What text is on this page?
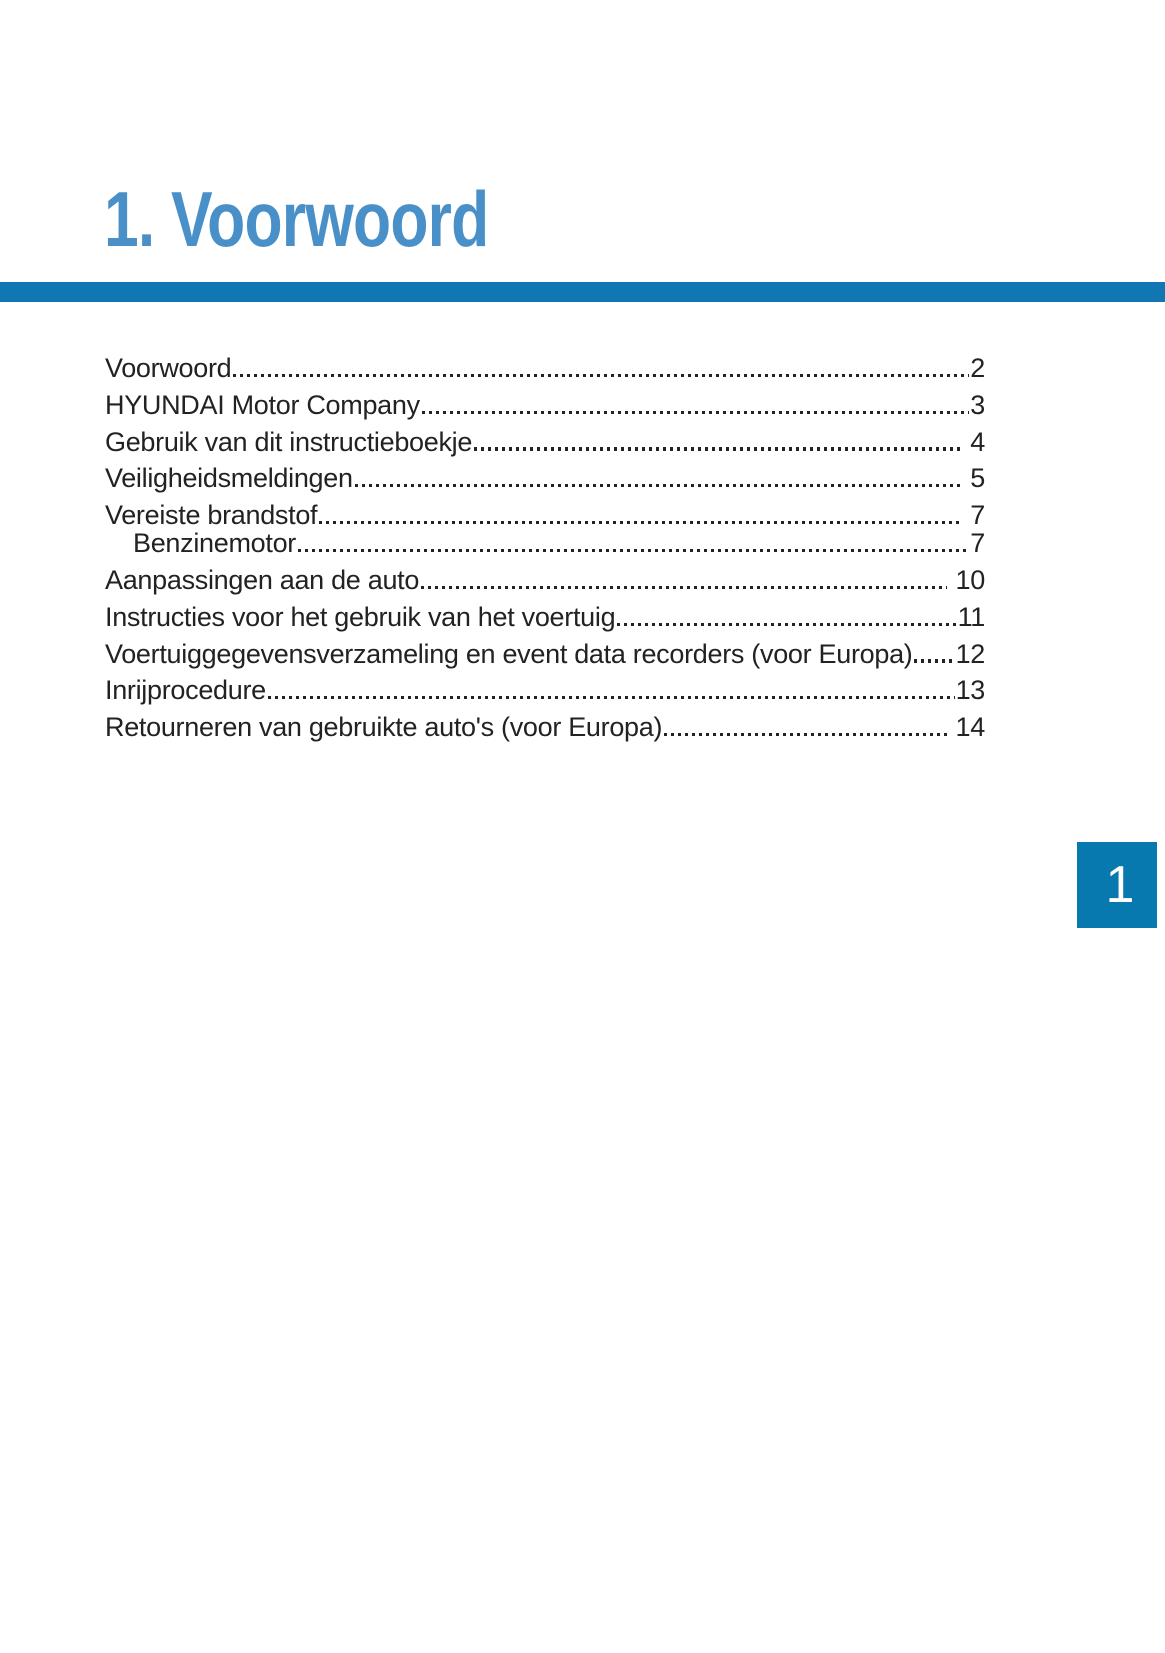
1. Voorwoord
Voorwoord	2
HYUNDAI Motor Company	3
Gebruik van dit instructieboekje	4
Veiligheidsmeldingen	5
Vereiste brandstof	7
Benzinemotor	7
Aanpassingen aan de auto	10
Instructies voor het gebruik van het voertuig	11
Voertuiggegevensverzameling en event data recorders (voor Europa) 12
Inrijprocedure	13
Retourneren van gebruikte auto's (voor Europa)	14
1
